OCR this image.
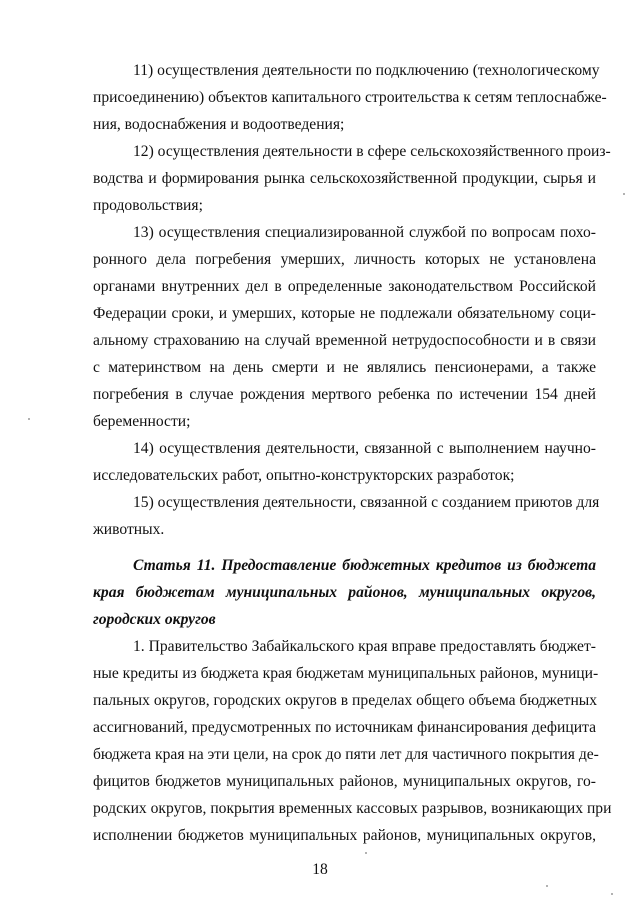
11) осуществления деятельности по подключению (технологическому
присоединению) объектов капитального строительства к сетям теплоснабже-
ния, водоснабжения и водоотведения;
12) осуществления деятельности в сфере сельскохозяйственного произ-
водства и формирования рынка сельскохозяйственной продукции, сырья и
продовольствия;
13) осуществления специализированной службой по вопросам похо-
ронного дела погребения умерших, личность которых не установлена
органами внутренних дел в определенные законодательством Российской
Федерации сроки, и умерших, которые не подлежали обязательному соци-
альному страхованию на случай временной нетрудоспособности и в связи
с материнством на день смерти и не являлись пенсионерами, а также
погребения в случае рождения мертвого ребенка по истечении 154 дней
беременности;
14) осуществления деятельности, связанной с выполнением научно-
исследовательских работ, опытно-конструкторских разработок;
15) осуществления деятельности, связанной с созданием приютов для
животных.
Статья 11. Предоставление бюджетных кредитов из бюджета
края бюджетам муниципальных районов, муниципальных округов,
городских округов
1. Правительство Забайкальского края вправе предоставлять бюджет-
ные кредиты из бюджета края бюджетам муниципальных районов, муници-
пальных округов, городских округов в пределах общего объема бюджетных
ассигнований, предусмотренных по источникам финансирования дефицита
бюджета края на эти цели, на срок до пяти лет для частичного покрытия де-
фицитов бюджетов муниципальных районов, муниципальных округов, го-
родских округов, покрытия временных кассовых разрывов, возникающих при
исполнении бюджетов муниципальных районов, муниципальных округов,
18
